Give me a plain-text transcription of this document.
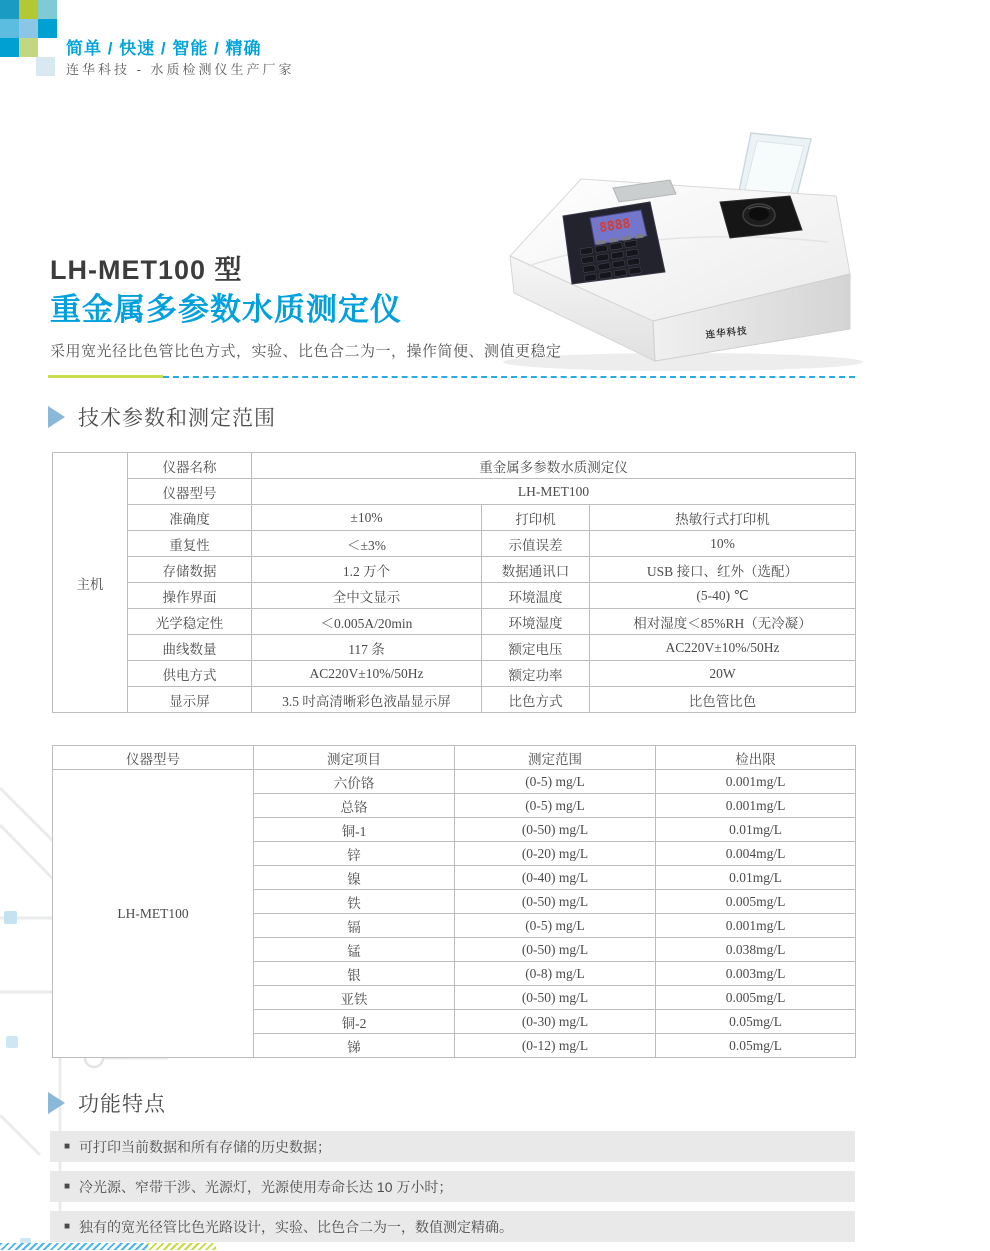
简单 / 快速 / 智能 / 精确
连华科技 - 水质检测仪生产厂家
LH-MET100 型
重金属多参数水质测定仪
采用宽光径比色管比色方式，实验、比色合二为一，操作简便、测值更稳定
8888
连华科技
技术参数和测定范围
主机	仪器名称	重金属多参数水质测定仪		
	仪器型号	LH-MET100		
	准确度	±10%	打印机	热敏行式打印机
	重复性	＜±3%	示值误差	10%
	存储数据	1.2 万个	数据通讯口	USB 接口、红外（选配）
	操作界面	全中文显示	环境温度	(5-40) ℃
	光学稳定性	＜0.005A/20min	环境湿度	相对湿度＜85%RH（无冷凝）
	曲线数量	117 条	额定电压	AC220V±10%/50Hz
	供电方式	AC220V±10%/50Hz	额定功率	20W
	显示屏	3.5 吋高清晰彩色液晶显示屏	比色方式	比色管比色
仪器型号	测定项目	测定范围	检出限
LH-MET100	六价铬	(0-5) mg/L	0.001mg/L
	总铬	(0-5) mg/L	0.001mg/L
	铜-1	(0-50) mg/L	0.01mg/L
	锌	(0-20) mg/L	0.004mg/L
	镍	(0-40) mg/L	0.01mg/L
	铁	(0-50) mg/L	0.005mg/L
	镉	(0-5) mg/L	0.001mg/L
	锰	(0-50) mg/L	0.038mg/L
	银	(0-8) mg/L	0.003mg/L
	亚铁	(0-50) mg/L	0.005mg/L
	铜-2	(0-30) mg/L	0.05mg/L
	锑	(0-12) mg/L	0.05mg/L
功能特点
■ 可打印当前数据和所有存储的历史数据；
■ 冷光源、窄带干涉、光源灯，光源使用寿命长达 10 万小时；
■ 独有的宽光径管比色光路设计，实验、比色合二为一，数值测定精确。
